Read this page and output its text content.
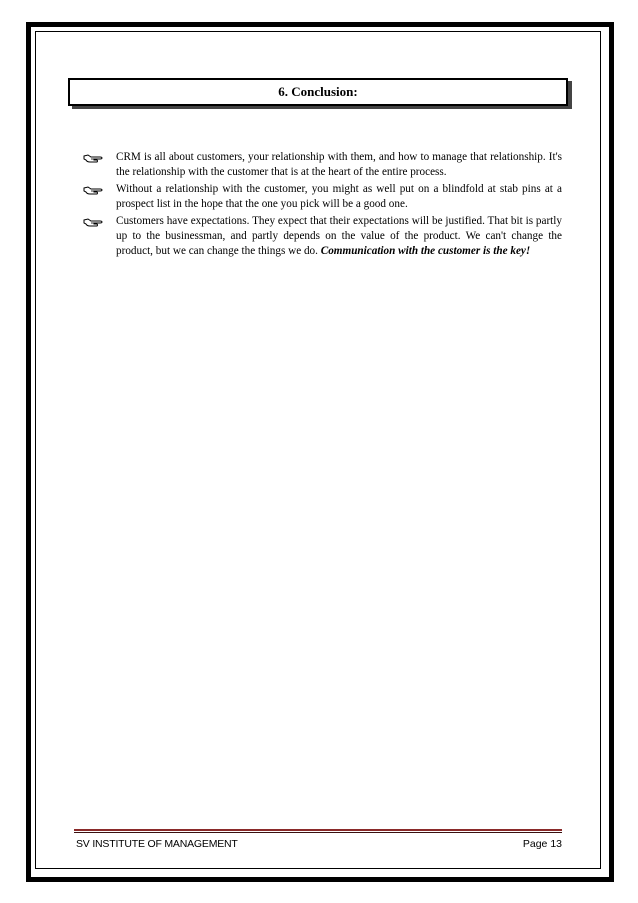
6. Conclusion:
CRM is all about customers, your relationship with them, and how to manage that relationship. It's the relationship with the customer that is at the heart of the entire process.
Without a relationship with the customer, you might as well put on a blindfold at stab pins at a prospect list in the hope that the one you pick will be a good one.
Customers have expectations. They expect that their expectations will be justified. That bit is partly up to the businessman, and partly depends on the value of the product. We can't change the product, but we can change the things we do. Communication with the customer is the key!
SV INSTITUTE OF MANAGEMENT	Page 13
